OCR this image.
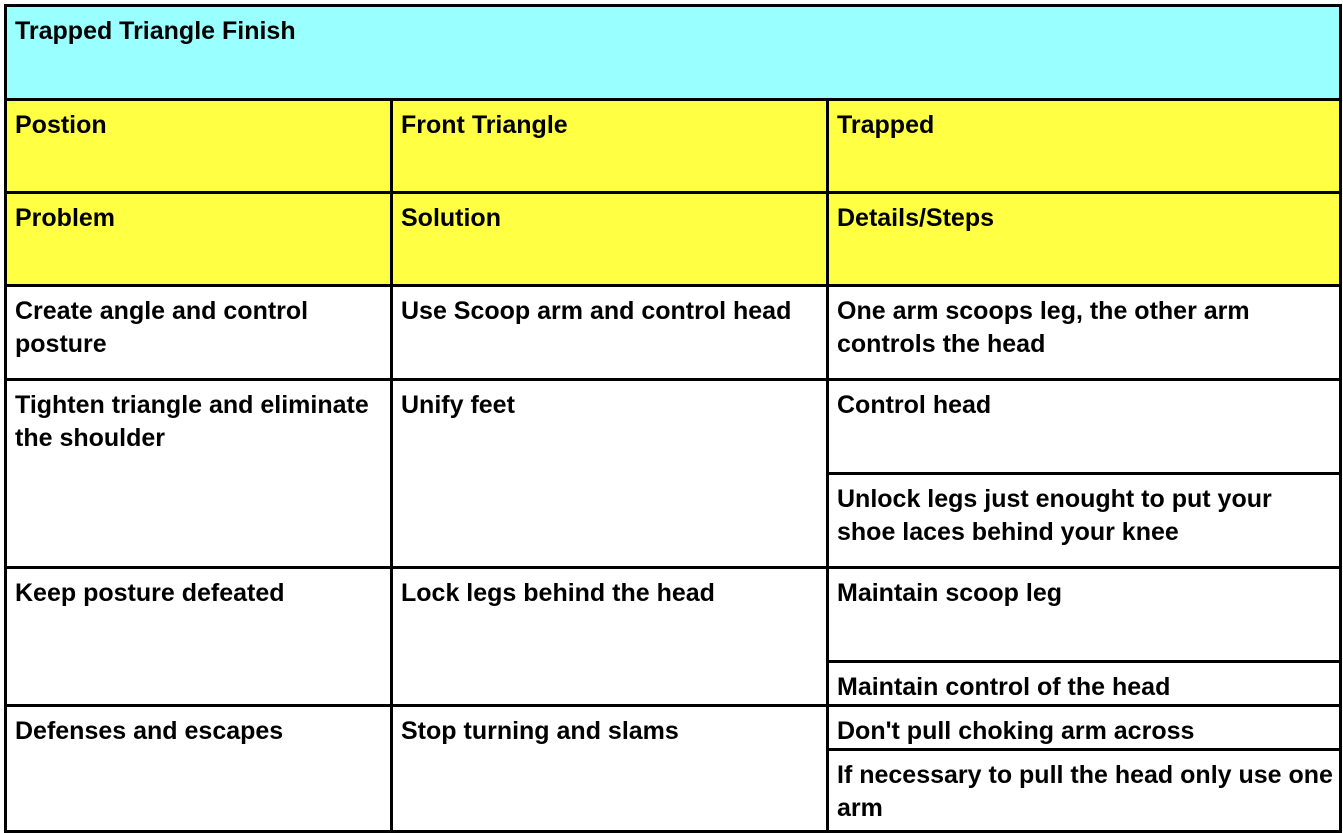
Trapped Triangle Finish		
Postion	Front Triangle	Trapped
Problem	Solution	Details/Steps
Create angle and control posture	Use Scoop arm and control head	One arm scoops leg, the other arm controls the head
Tighten triangle and eliminate the shoulder	Unify feet	Control head
		Unlock legs just enought to put your shoe laces behind your knee
Keep posture defeated	Lock legs behind the head	Maintain scoop leg
		Maintain control of the head
Defenses and escapes	Stop turning and slams	Don't pull choking arm across
		If necessary to pull the head only use one arm
